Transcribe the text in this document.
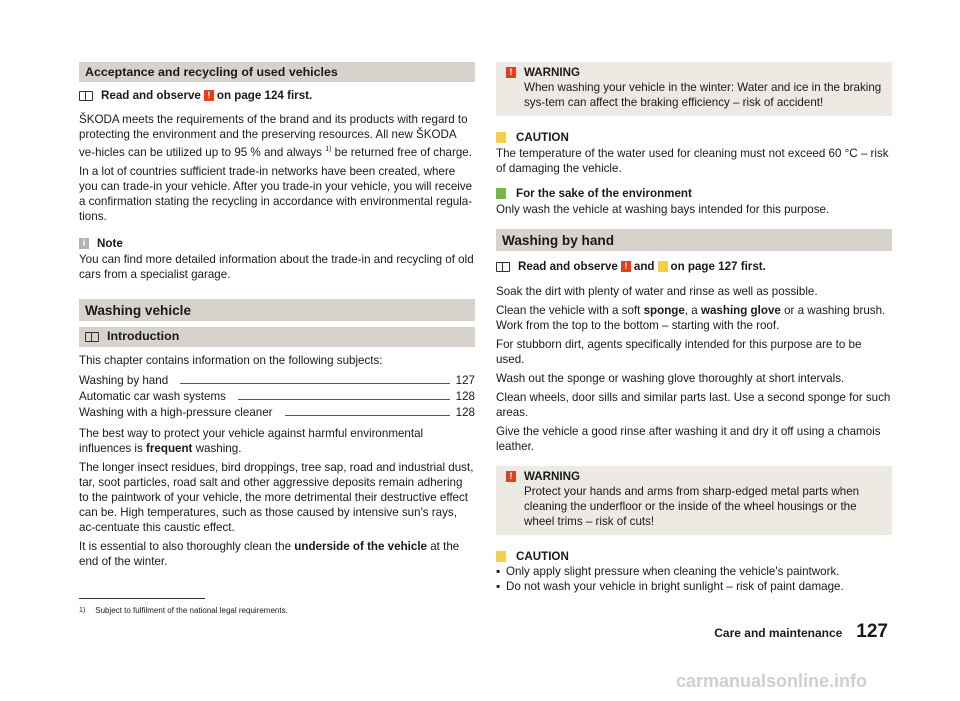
Acceptance and recycling of used vehicles
Read and observe ! on page 124 first.

ŠKODA meets the requirements of the brand and its products with regard to protecting the environment and the preserving resources. All new ŠKODA ve-hicles can be utilized up to 95 % and always $^{1)}$ be returned free of charge.

In a lot of countries sufficient trade-in networks have been created, where you can trade-in your vehicle. After you trade-in your vehicle, you will receive a confirmation stating the recycling in accordance with environmental regula-tions.

i	Note

You can find more detailed information about the trade-in and recycling of old cars from a specialist garage.

Washing vehicle
Introduction

This chapter contains information on the following subjects:

Washing by hand	127
Automatic car wash systems	128
Washing with a high-pressure cleaner	128

The best way to protect your vehicle against harmful environmental influences is frequent washing.

The longer insect residues, bird droppings, tree sap, road and industrial dust, tar, soot particles, road salt and other aggressive deposits remain adhering to the paintwork of your vehicle, the more detrimental their destructive effect can be. High temperatures, such as those caused by intensive sun's rays, ac-centuate this caustic effect.

It is essential to also thoroughly clean the underside of the vehicle at the end of the winter.

! WARNING
When washing your vehicle in the winter: Water and ice in the braking sys-tem can affect the braking efficiency – risk of accident!
CAUTION

The temperature of the water used for cleaning must not exceed 60 °C – risk of damaging the vehicle.

For the sake of the environment

Only wash the vehicle at washing bays intended for this purpose.

Washing by hand
Read and observe ! and on page 127 first.

Soak the dirt with plenty of water and rinse as well as possible.

Clean the vehicle with a soft sponge, a washing glove or a washing brush. Work from the top to the bottom – starting with the roof.

For stubborn dirt, agents specifically intended for this purpose are to be used.

Wash out the sponge or washing glove thoroughly at short intervals.

Clean wheels, door sills and similar parts last. Use a second sponge for such areas.

Give the vehicle a good rinse after washing it and dry it off using a chamois leather.

! WARNING
Protect your hands and arms from sharp-edged metal parts when cleaning the underfloor or the inside of the wheel housings or the wheel trims – risk of cuts!
CAUTION
▪ Only apply slight pressure when cleaning the vehicle's paintwork.
▪ Do not wash your vehicle in bright sunlight – risk of paint damage.
1) Subject to fulfilment of the national legal requirements.
Care and maintenance 127
carmanualsonline.info
